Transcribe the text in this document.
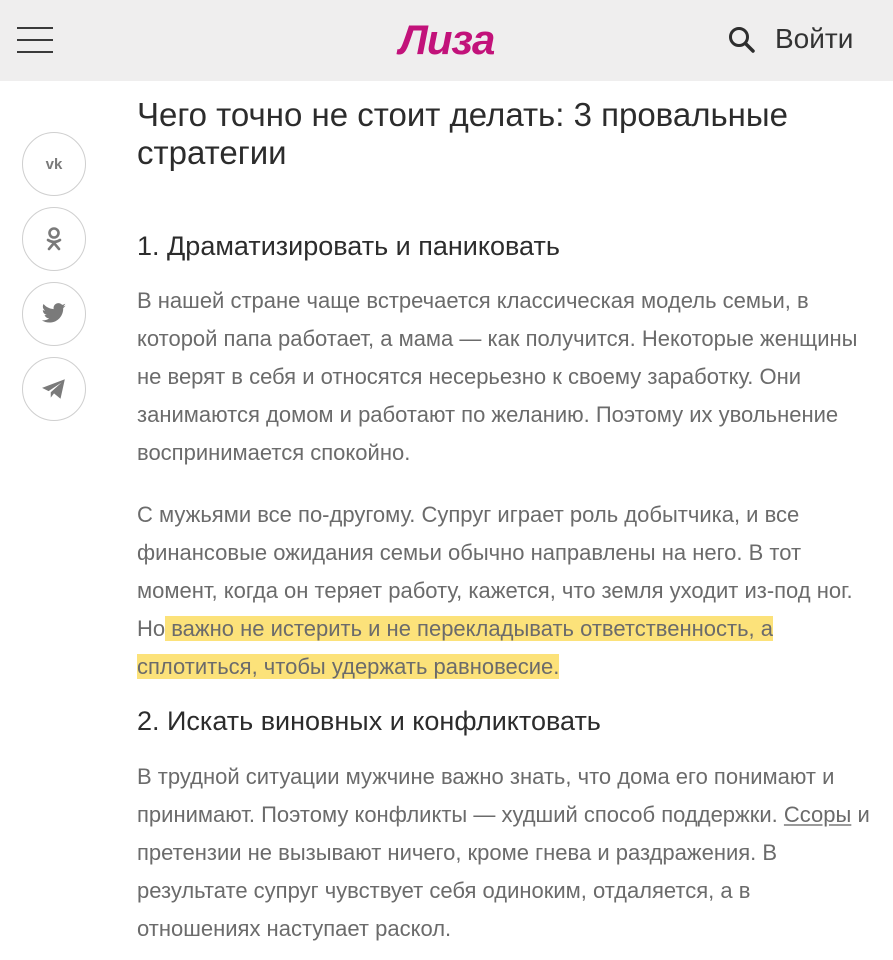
Лиза	Войти
vk
Чего точно не стоит делать: 3 провальные стратегии
1. Драматизировать и паниковать

В нашей стране чаще встречается классическая модель семьи, в которой папа работает, а мама — как получится. Некоторые женщины не верят в себя и относятся несерьезно к своему заработку. Они занимаются домом и работают по желанию. Поэтому их увольнение воспринимается спокойно.

С мужьями все по-другому. Супруг играет роль добытчика, и все финансовые ожидания семьи обычно направлены на него. В тот момент, когда он теряет работу, кажется, что земля уходит из-под ног. Но важно не истерить и не перекладывать ответственность, а сплотиться, чтобы удержать равновесие.

2. Искать виновных и конфликтовать

В трудной ситуации мужчине важно знать, что дома его понимают и принимают. Поэтому конфликты — худший способ поддержки. Ссоры и претензии не вызывают ничего, кроме гнева и раздражения. В результате супруг чувствует себя одиноким, отдаляется, а в отношениях наступает раскол.
